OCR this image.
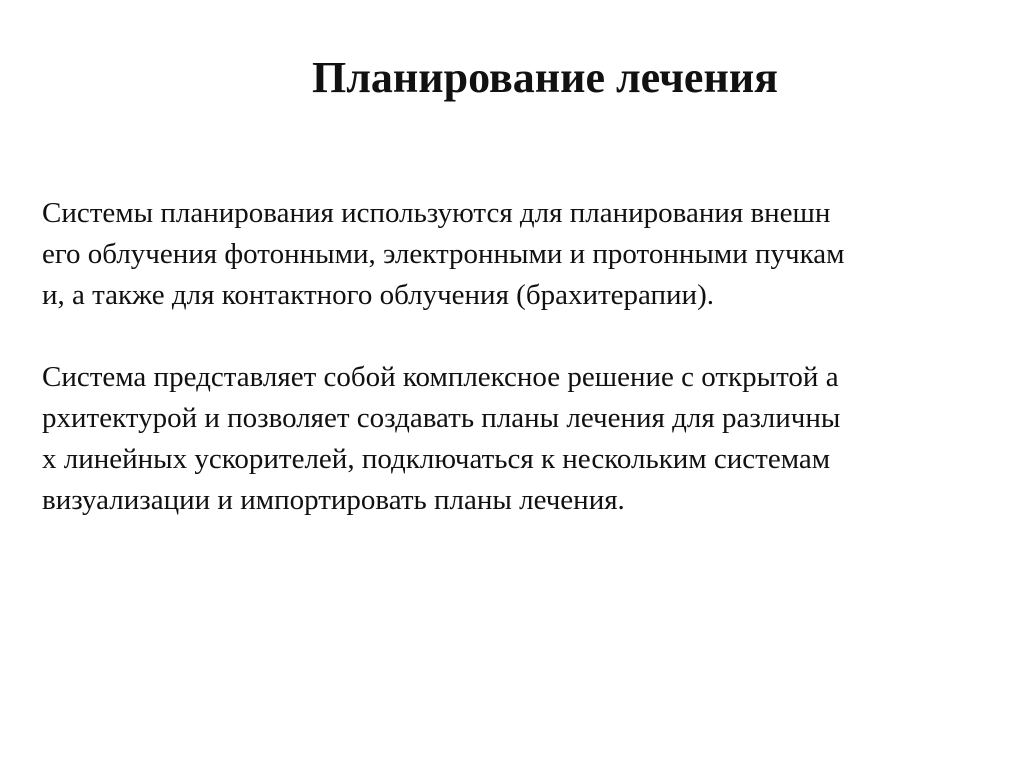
Планирование лечения

Системы планирования используются для планирования внешн
его облучения фотонными, электронными и протонными пучкам
и, а также для контактного облучения (брахитерапии).

Система представляет собой комплексное решение с открытой а
рхитектурой и позволяет создавать планы лечения для различны
х линейных ускорителей, подключаться к нескольким системам
визуализации и импортировать планы лечения.
